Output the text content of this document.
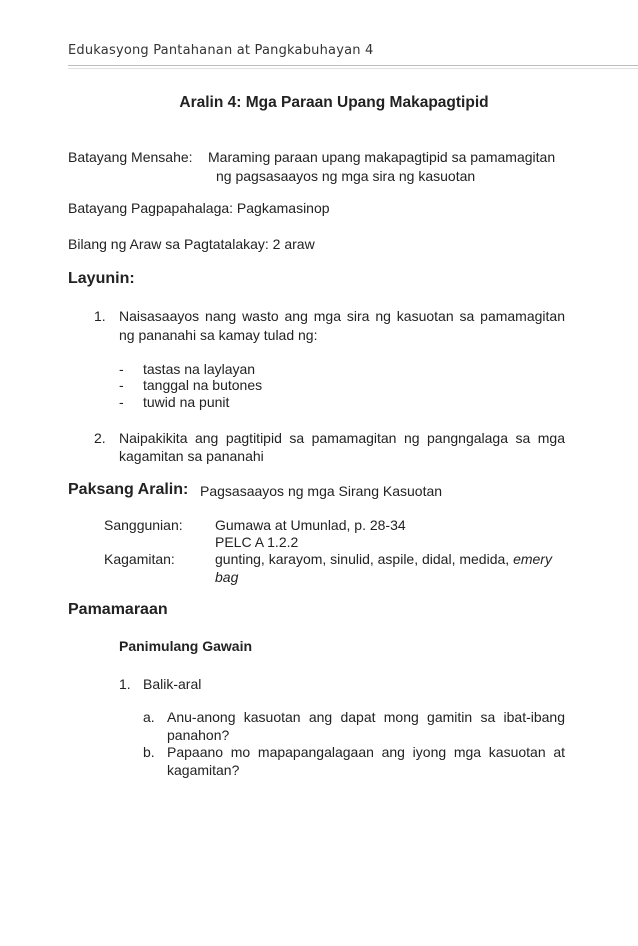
Edukasyong Pantahanan at Pangkabuhayan 4
Aralin 4: Mga Paraan Upang Makapagtipid
Batayang Mensahe: Maraming paraan upang makapagtipid sa pamamagitan
ng pagsasaayos ng mga sira ng kasuotan
Batayang Pagpapahalaga: Pagkamasinop
Bilang ng Araw sa Pagtatalakay: 2 araw
Layunin:
1. Naisasaayos nang wasto ang mga sira ng kasuotan sa pamamagitan
ng pananahi sa kamay tulad ng:
- tastas na laylayan
- tanggal na butones
- tuwid na punit
2. Naipakikita ang pagtitipid sa pamamagitan ng pangngalaga sa mga
kagamitan sa pananahi
Paksang Aralin: Pagsasaayos ng mga Sirang Kasuotan
Sanggunian: Gumawa at Umunlad, p. 28-34
PELC A 1.2.2
Kagamitan:	gunting, karayom, sinulid, aspile, didal, medida, emery
bag
Pamamaraan
Panimulang Gawain
1. Balik-aral
a. Anu-anong kasuotan ang dapat mong gamitin sa ibat-ibang
panahon?
b. Papaano mo mapapangalagaan ang iyong mga kasuotan at
kagamitan?
